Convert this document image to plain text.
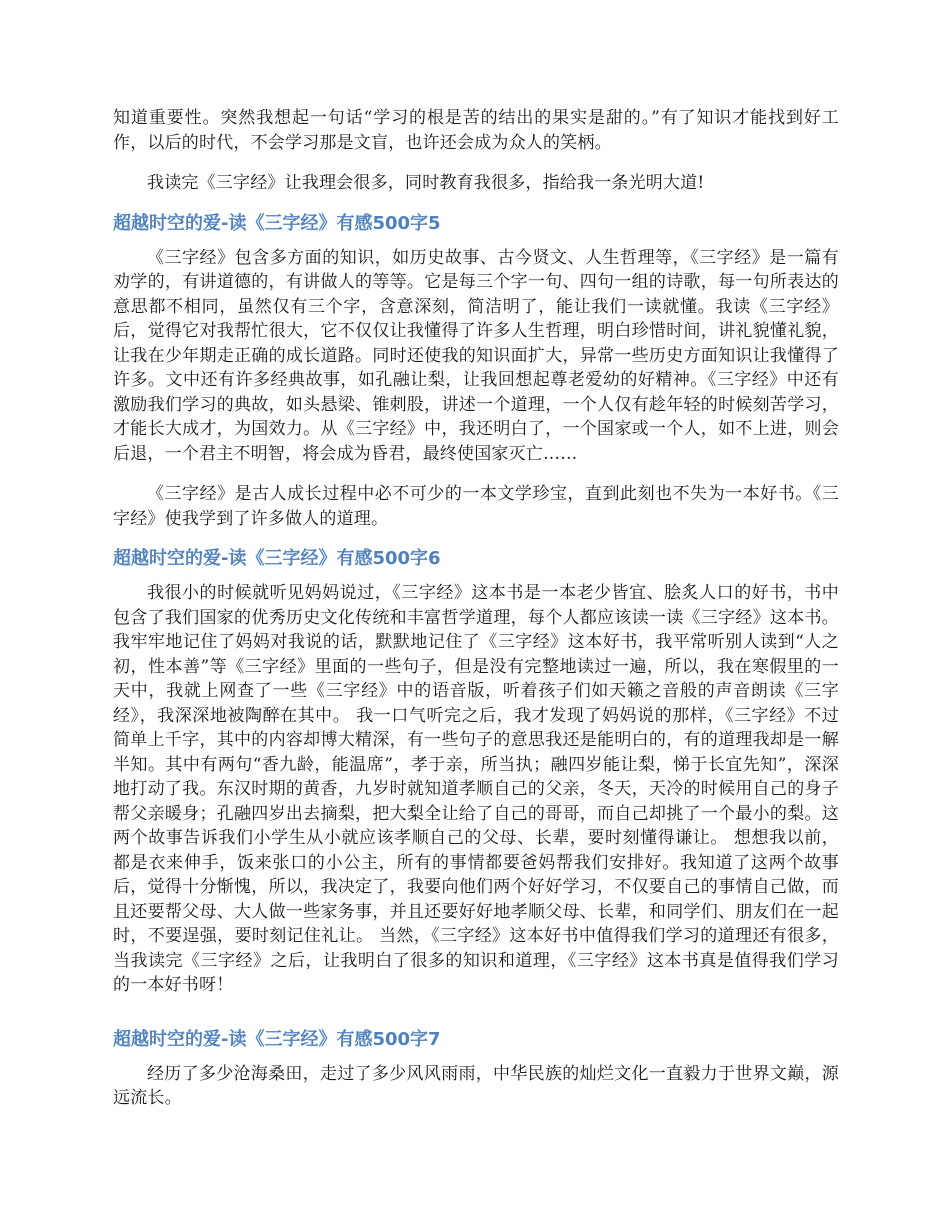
知道重要性。突然我想起一句话“学习的根是苦的结出的果实是甜的。”有了知识才能找到好工作，以后的时代，不会学习那是文盲，也许还会成为众人的笑柄。

我读完《三字经》让我理会很多，同时教育我很多，指给我一条光明大道!

超越时空的爱-读《三字经》有感500字5

《三字经》包含多方面的知识，如历史故事、古今贤文、人生哲理等，《三字经》是一篇有劝学的，有讲道德的，有讲做人的等等。它是每三个字一句、四句一组的诗歌，每一句所表达的意思都不相同，虽然仅有三个字，含意深刻，简洁明了，能让我们一读就懂。我读《三字经》后，觉得它对我帮忙很大，它不仅仅让我懂得了许多人生哲理，明白珍惜时间，讲礼貌懂礼貌，让我在少年期走正确的成长道路。同时还使我的知识面扩大，异常一些历史方面知识让我懂得了许多。文中还有许多经典故事，如孔融让梨，让我回想起尊老爱幼的好精神。《三字经》中还有激励我们学习的典故，如头悬梁、锥刺股，讲述一个道理，一个人仅有趁年轻的时候刻苦学习，才能长大成才，为国效力。从《三字经》中，我还明白了，一个国家或一个人，如不上进，则会后退，一个君主不明智，将会成为昏君，最终使国家灭亡……

《三字经》是古人成长过程中必不可少的一本文学珍宝，直到此刻也不失为一本好书。《三字经》使我学到了许多做人的道理。

超越时空的爱-读《三字经》有感500字6

我很小的时候就听见妈妈说过，《三字经》这本书是一本老少皆宜、脍炙人口的好书，书中包含了我们国家的优秀历史文化传统和丰富哲学道理，每个人都应该读一读《三字经》这本书。 我牢牢地记住了妈妈对我说的话，默默地记住了《三字经》这本好书，我平常听别人读到“人之初，性本善”等《三字经》里面的一些句子，但是没有完整地读过一遍，所以，我在寒假里的一天中，我就上网查了一些《三字经》中的语音版，听着孩子们如天籁之音般的声音朗读《三字经》，我深深地被陶醉在其中。 我一口气听完之后，我才发现了妈妈说的那样，《三字经》不过简单上千字，其中的内容却博大精深，有一些句子的意思我还是能明白的，有的道理我却是一解半知。其中有两句“香九龄，能温席”，孝于亲，所当执；融四岁能让梨，悌于长宜先知”，深深地打动了我。东汉时期的黄香，九岁时就知道孝顺自己的父亲，冬天，天冷的时候用自己的身子帮父亲暖身；孔融四岁出去摘梨，把大梨全让给了自己的哥哥，而自己却挑了一个最小的梨。这两个故事告诉我们小学生从小就应该孝顺自己的父母、长辈，要时刻懂得谦让。 想想我以前，都是衣来伸手，饭来张口的小公主，所有的事情都要爸妈帮我们安排好。我知道了这两个故事后，觉得十分惭愧，所以，我决定了，我要向他们两个好好学习，不仅要自己的事情自己做，而且还要帮父母、大人做一些家务事，并且还要好好地孝顺父母、长辈，和同学们、朋友们在一起时，不要逞强，要时刻记住礼让。 当然，《三字经》这本好书中值得我们学习的道理还有很多，当我读完《三字经》之后，让我明白了很多的知识和道理，《三字经》这本书真是值得我们学习的一本好书呀！

超越时空的爱-读《三字经》有感500字7

经历了多少沧海桑田，走过了多少风风雨雨，中华民族的灿烂文化一直毅力于世界文巅，源远流长。
